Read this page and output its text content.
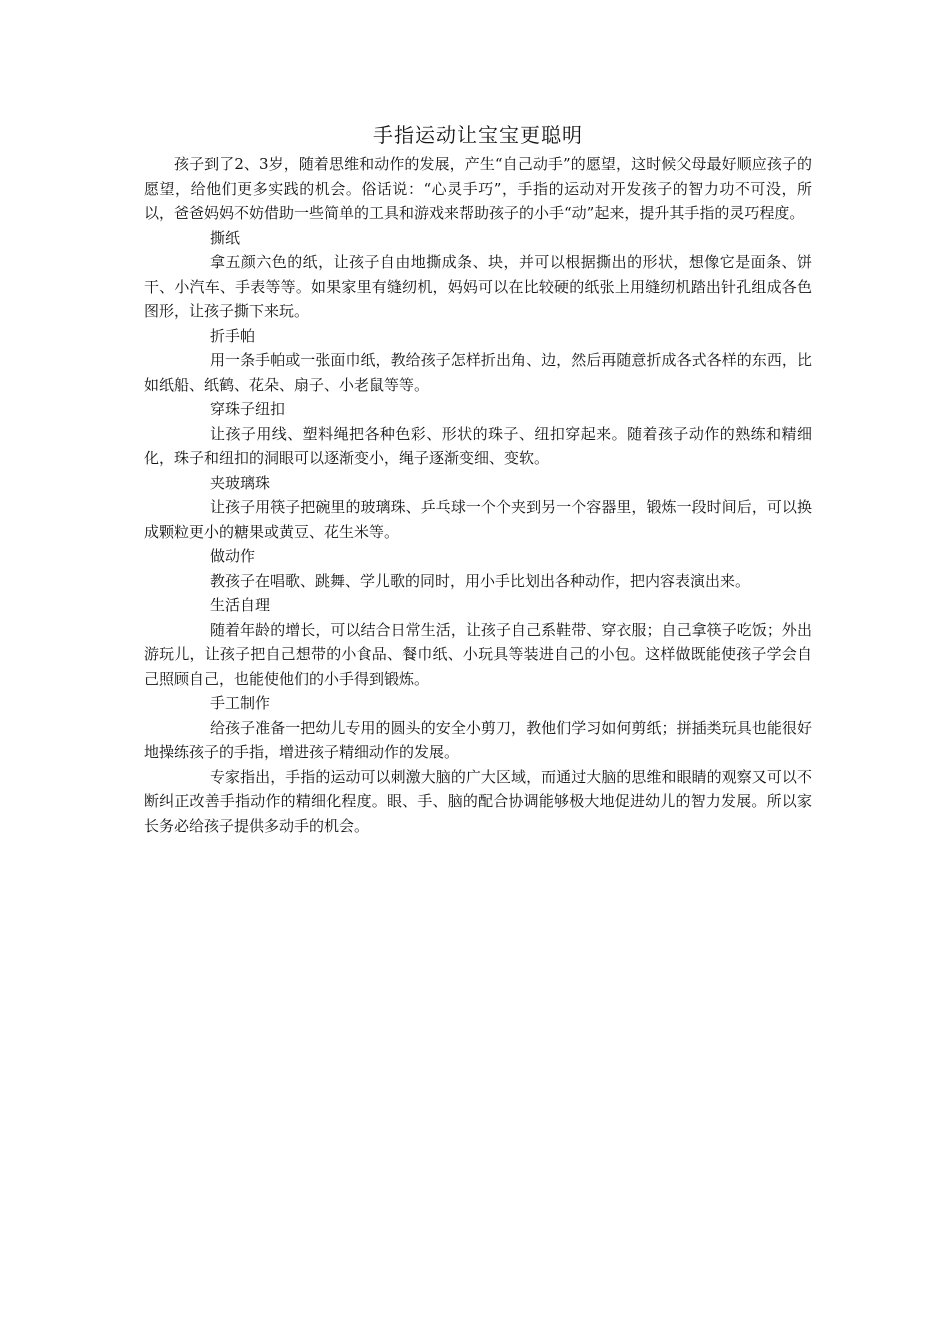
手指运动让宝宝更聪明

孩子到了2、3岁，随着思维和动作的发展，产生“自己动手”的愿望，这时候父母最好顺应孩子的愿望，给他们更多实践的机会。俗话说：“心灵手巧”，手指的运动对开发孩子的智力功不可没，所以，爸爸妈妈不妨借助一些简单的工具和游戏来帮助孩子的小手“动”起来，提升其手指的灵巧程度。

撕纸

拿五颜六色的纸，让孩子自由地撕成条、块，并可以根据撕出的形状，想像它是面条、饼干、小汽车、手表等等。如果家里有缝纫机，妈妈可以在比较硬的纸张上用缝纫机踏出针孔组成各色图形，让孩子撕下来玩。

折手帕

用一条手帕或一张面巾纸，教给孩子怎样折出角、边，然后再随意折成各式各样的东西，比如纸船、纸鹤、花朵、扇子、小老鼠等等。

穿珠子纽扣

让孩子用线、塑料绳把各种色彩、形状的珠子、纽扣穿起来。随着孩子动作的熟练和精细化，珠子和纽扣的洞眼可以逐渐变小，绳子逐渐变细、变软。

夹玻璃珠

让孩子用筷子把碗里的玻璃珠、乒乓球一个个夹到另一个容器里，锻炼一段时间后，可以换成颗粒更小的糖果或黄豆、花生米等。

做动作

教孩子在唱歌、跳舞、学儿歌的同时，用小手比划出各种动作，把内容表演出来。

生活自理

随着年龄的增长，可以结合日常生活，让孩子自己系鞋带、穿衣服；自己拿筷子吃饭；外出游玩儿，让孩子把自己想带的小食品、餐巾纸、小玩具等装进自己的小包。这样做既能使孩子学会自己照顾自己，也能使他们的小手得到锻炼。

手工制作

给孩子准备一把幼儿专用的圆头的安全小剪刀，教他们学习如何剪纸；拼插类玩具也能很好地操练孩子的手指，增进孩子精细动作的发展。

专家指出，手指的运动可以刺激大脑的广大区域，而通过大脑的思维和眼睛的观察又可以不断纠正改善手指动作的精细化程度。眼、手、脑的配合协调能够极大地促进幼儿的智力发展。所以家长务必给孩子提供多动手的机会。
